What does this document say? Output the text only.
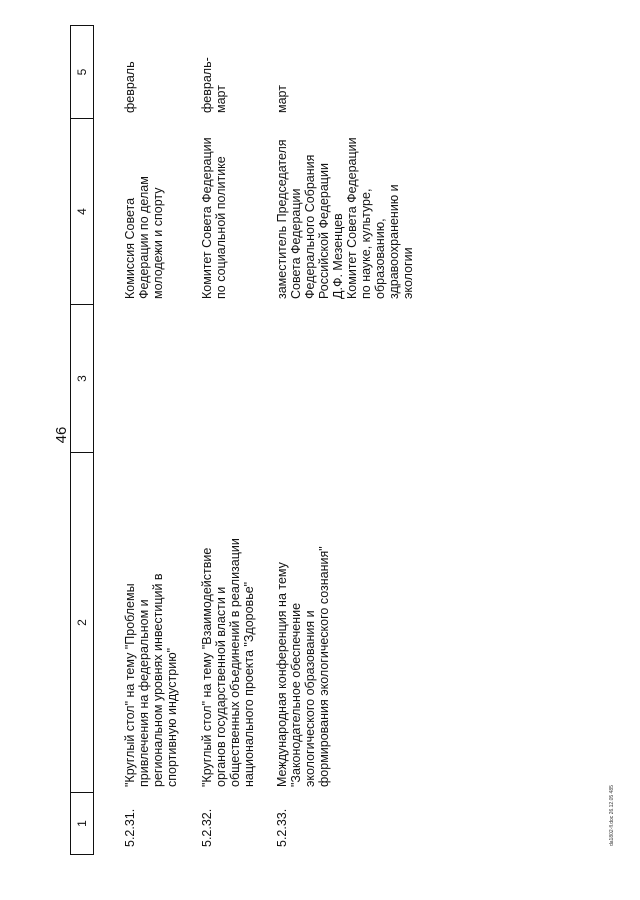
46
da1802-fl.doc 26.12.05 485
1
2
3
4
5
5.2.31.
"Круглый стол" на тему "Проблемы
привлечения на федеральном и
региональном уровнях инвестиций в
спортивную индустрию"
Комиссия Совета
Федерации по делам
молодежи и спорту
февраль
5.2.32.
"Круглый стол" на тему "Взаимодействие
органов государственной власти и
общественных объединений в реализации
национального проекта "Здоровье"
Комитет Совета Федерации
по социальной политике
февраль-
март
5.2.33.
Международная конференция на тему
"Законодательное обеспечение
экологического образования и
формирования экологического сознания"
заместитель Председателя
Совета Федерации
Федерального Собрания
Российской Федерации
Д.Ф. Мезенцев
Комитет Совета Федерации
по науке, культуре,
образованию,
здравоохранению и
экологии
март
